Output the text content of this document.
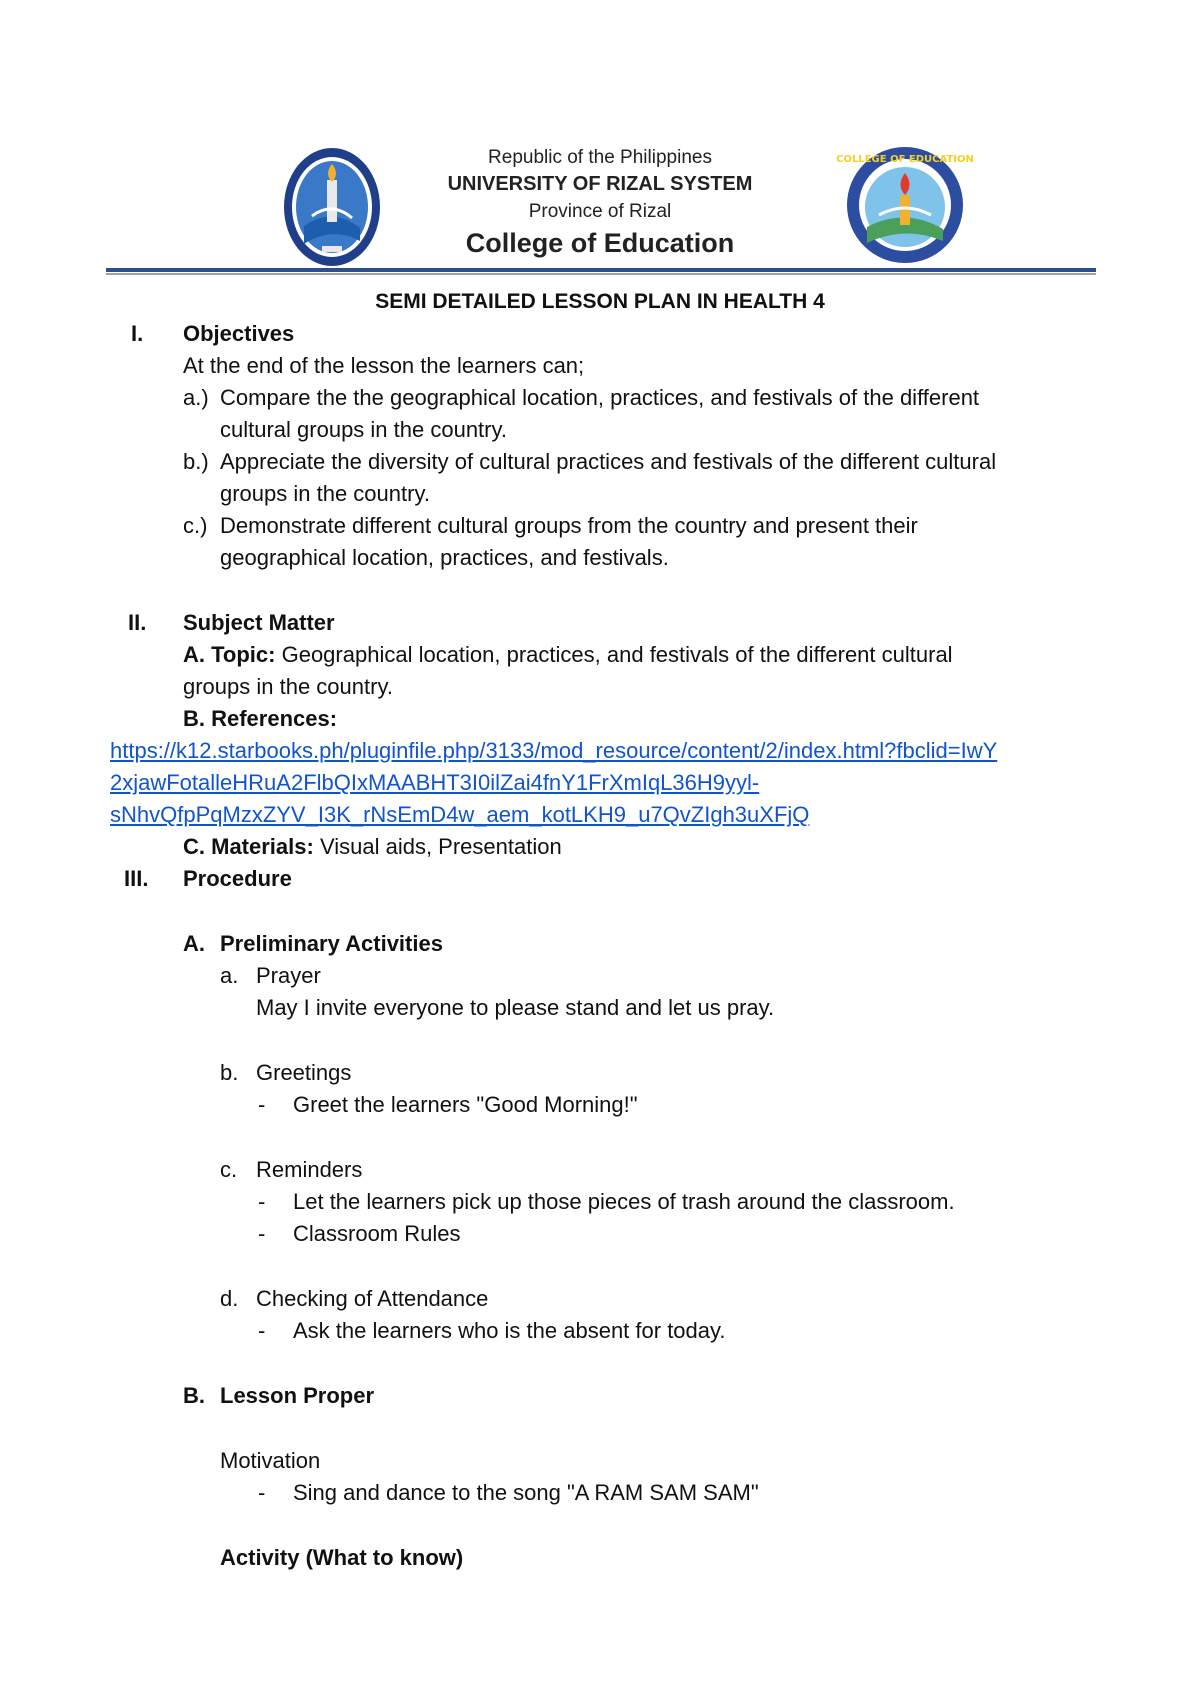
COLLEGE OF EDUCATION
Republic of the Philippines
UNIVERSITY OF RIZAL SYSTEM
Province of Rizal
College of Education
SEMI DETAILED LESSON PLAN IN HEALTH 4
I. Objectives
At the end of the lesson the learners can;
a.) Compare the the geographical location, practices, and festivals of the different
cultural groups in the country.
b.) Appreciate the diversity of cultural practices and festivals of the different cultural
groups in the country.
c.) Demonstrate different cultural groups from the country and present their
geographical location, practices, and festivals.
II. Subject Matter
A. Topic: Geographical location, practices, and festivals of the different cultural
groups in the country.
B. References:
https://k12.starbooks.ph/pluginfile.php/3133/mod_resource/content/2/index.html?fbclid=IwY
2xjawFotalleHRuA2FlbQIxMAABHT3I0ilZai4fnY1FrXmIqL36H9yyl-
sNhvQfpPqMzxZYV_I3K_rNsEmD4w_aem_kotLKH9_u7QvZIgh3uXFjQ
C. Materials: Visual aids, Presentation
III. Procedure
A. Preliminary Activities
a. Prayer
May I invite everyone to please stand and let us pray.
b. Greetings
- Greet the learners "Good Morning!"
c. Reminders
- Let the learners pick up those pieces of trash around the classroom.
- Classroom Rules
d. Checking of Attendance
- Ask the learners who is the absent for today.
B. Lesson Proper
Motivation
- Sing and dance to the song "A RAM SAM SAM"
Activity (What to know)
